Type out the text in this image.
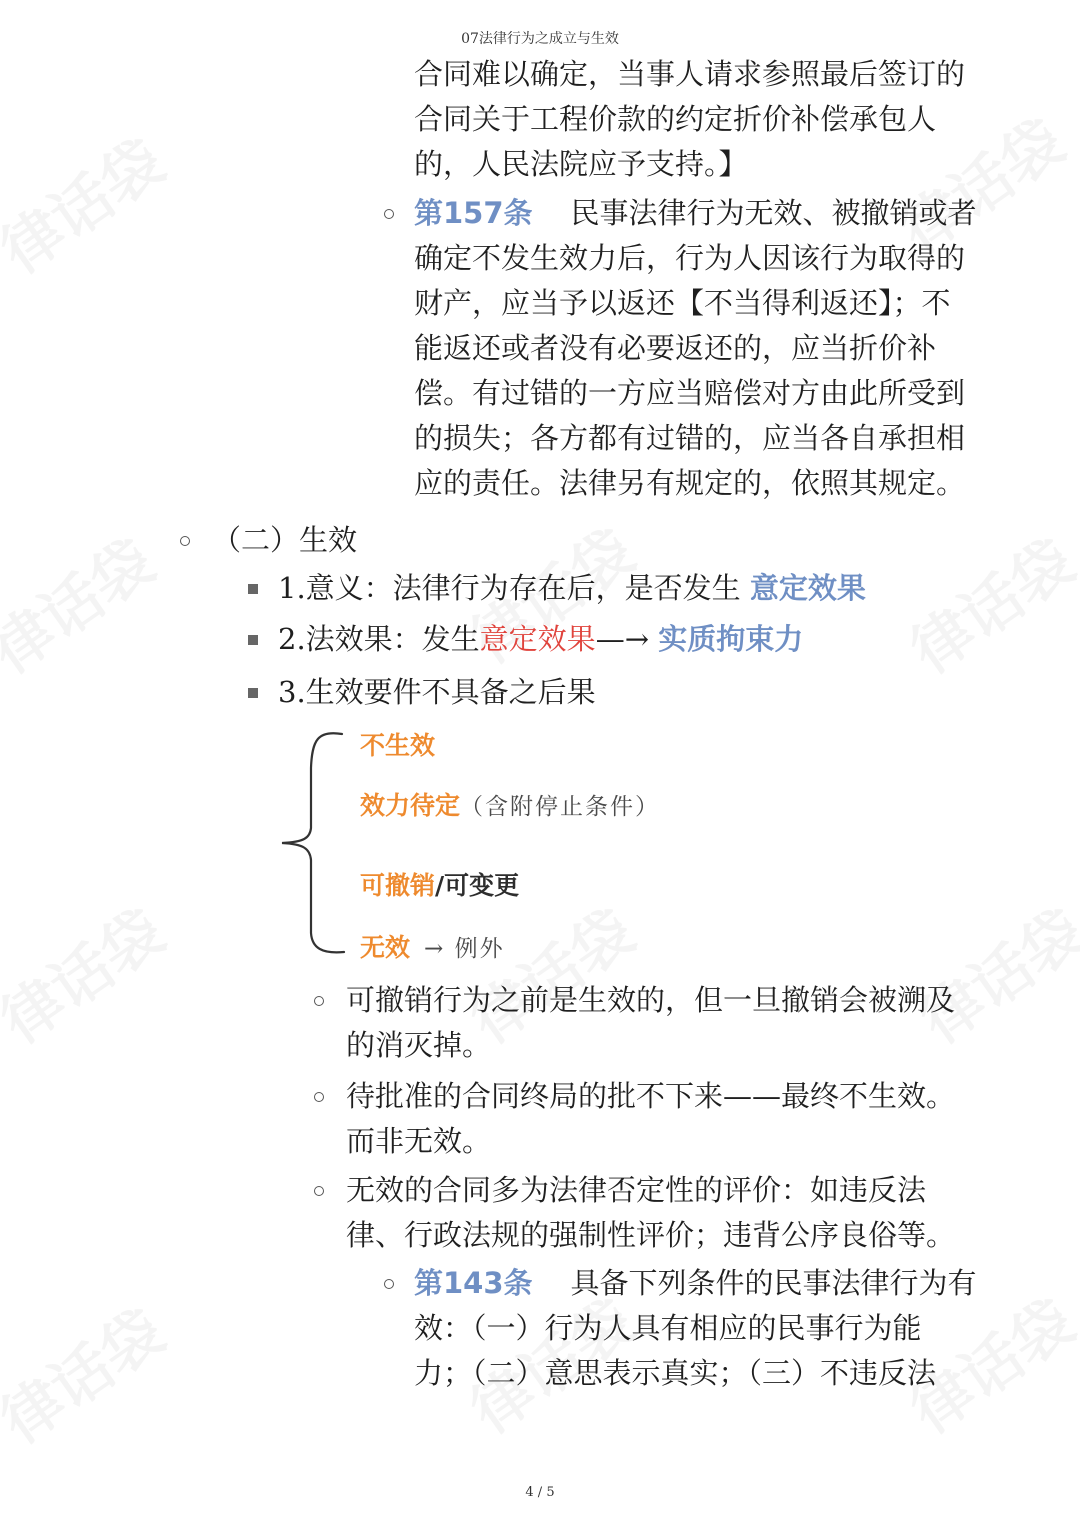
07法律行为之成立与生效
合同难以确定，当事人请求参照最后签订的
合同关于工程价款的约定折价补偿承包人
的，人民法院应予支持。】
第157条 民事法律行为无效、被撤销或者
确定不发生效力后，行为人因该行为取得的
财产，应当予以返还【不当得利返还】；不
能返还或者没有必要返还的，应当折价补
偿。有过错的一方应当赔偿对方由此所受到
的损失；各方都有过错的，应当各自承担相
应的责任。法律另有规定的，依照其规定。
（二）生效
1.意义：法律行为存在后，是否发生 意定效果
2.法效果：发生意定效果—→ 实质拘束力
3.生效要件不具备之后果
不生效
效力待定（含附停止条件）
可撤销/可变更
无效 → 例外
可撤销行为之前是生效的，但一旦撤销会被溯及
的消灭掉。
待批准的合同终局的批不下来——最终不生效。
而非无效。
无效的合同多为法律否定性的评价：如违反法
律、行政法规的强制性评价；违背公序良俗等。
第143条 具备下列条件的民事法律行为有
效：（一）行为人具有相应的民事行为能
力；（二）意思表示真实；（三）不违反法
4 / 5
